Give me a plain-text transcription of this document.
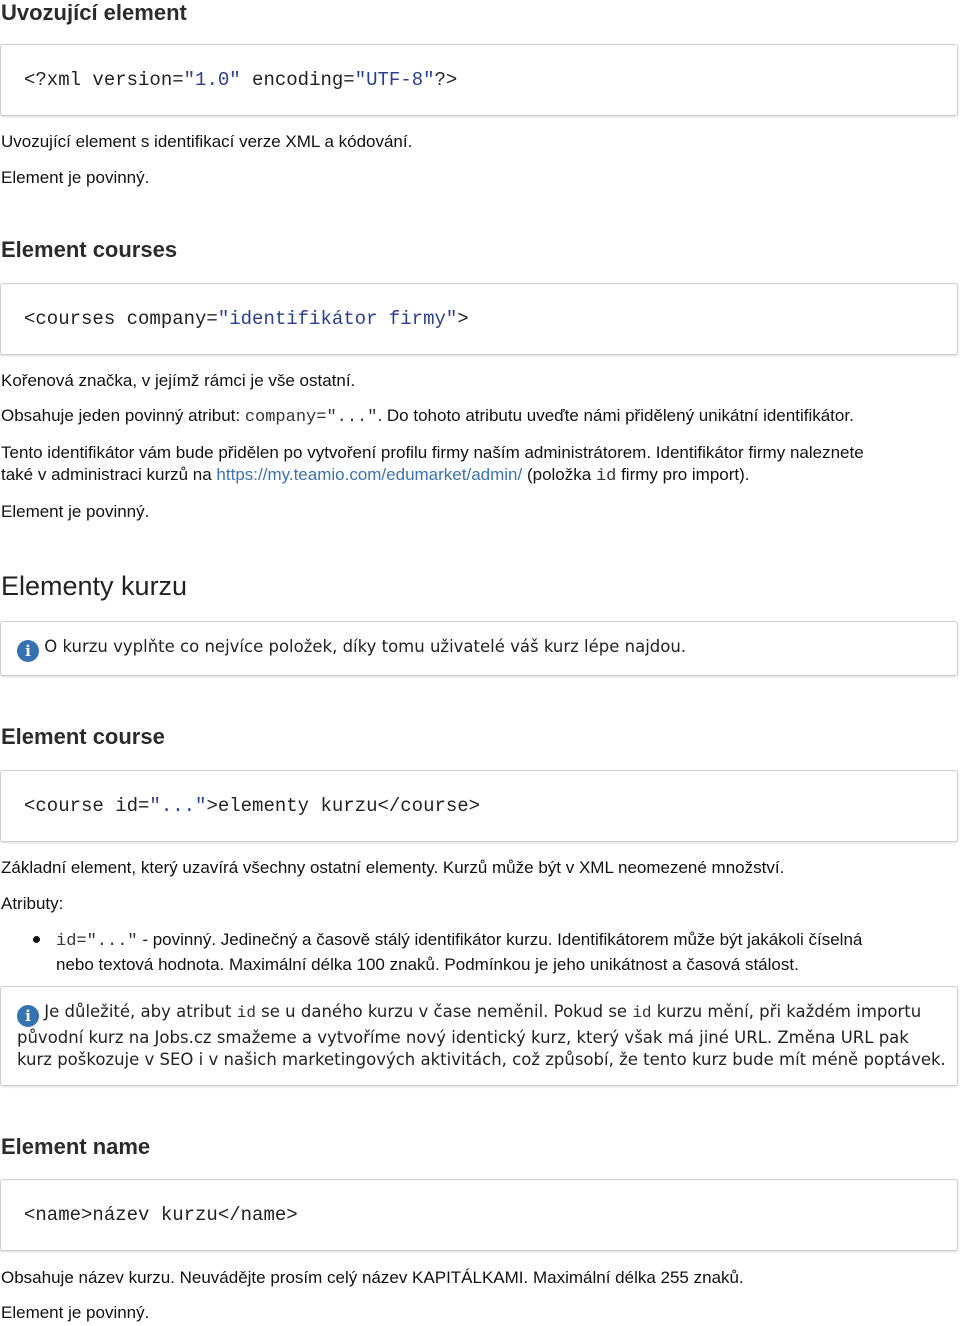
Uvozující element
<?xml version="1.0" encoding="UTF-8"?>

Uvozující element s identifikací verze XML a kódování.

Element je povinný.

Element courses
<courses company="identifikátor firmy">

Kořenová značka, v jejímž rámci je vše ostatní.

Obsahuje jeden povinný atribut: company="...". Do tohoto atributu uveďte námi přidělený unikátní identifikátor.

Tento identifikátor vám bude přidělen po vytvoření profilu firmy naším administrátorem. Identifikátor firmy naleznete

také v administraci kurzů na https://my.teamio.com/edumarket/admin/ (položka id firmy pro import).

Element je povinný.

Elementy kurzu
i O kurzu vyplňte co nejvíce položek, díky tomu uživatelé váš kurz lépe najdou.
Element course
<course id="...">elementy kurzu</course>

Základní element, který uzavírá všechny ostatní elementy. Kurzů může být v XML neomezené množství.

Atributy:

id="..." - povinný. Jedinečný a časově stálý identifikátor kurzu. Identifikátorem může být jakákoli číselná
nebo textová hodnota. Maximální délka 100 znaků. Podmínkou je jeho unikátnost a časová stálost.
i Je důležité, aby atribut id se u daného kurzu v čase neměnil. Pokud se id kurzu mění, při každém importu
původní kurz na Jobs.cz smažeme a vytvoříme nový identický kurz, který však má jiné URL. Změna URL pak
kurz poškozuje v SEO i v našich marketingových aktivitách, což způsobí, že tento kurz bude mít méně poptávek.
Element name
<name>název kurzu</name>

Obsahuje název kurzu. Neuvádějte prosím celý název KAPITÁLKAMI. Maximální délka 255 znaků.

Element je povinný.
